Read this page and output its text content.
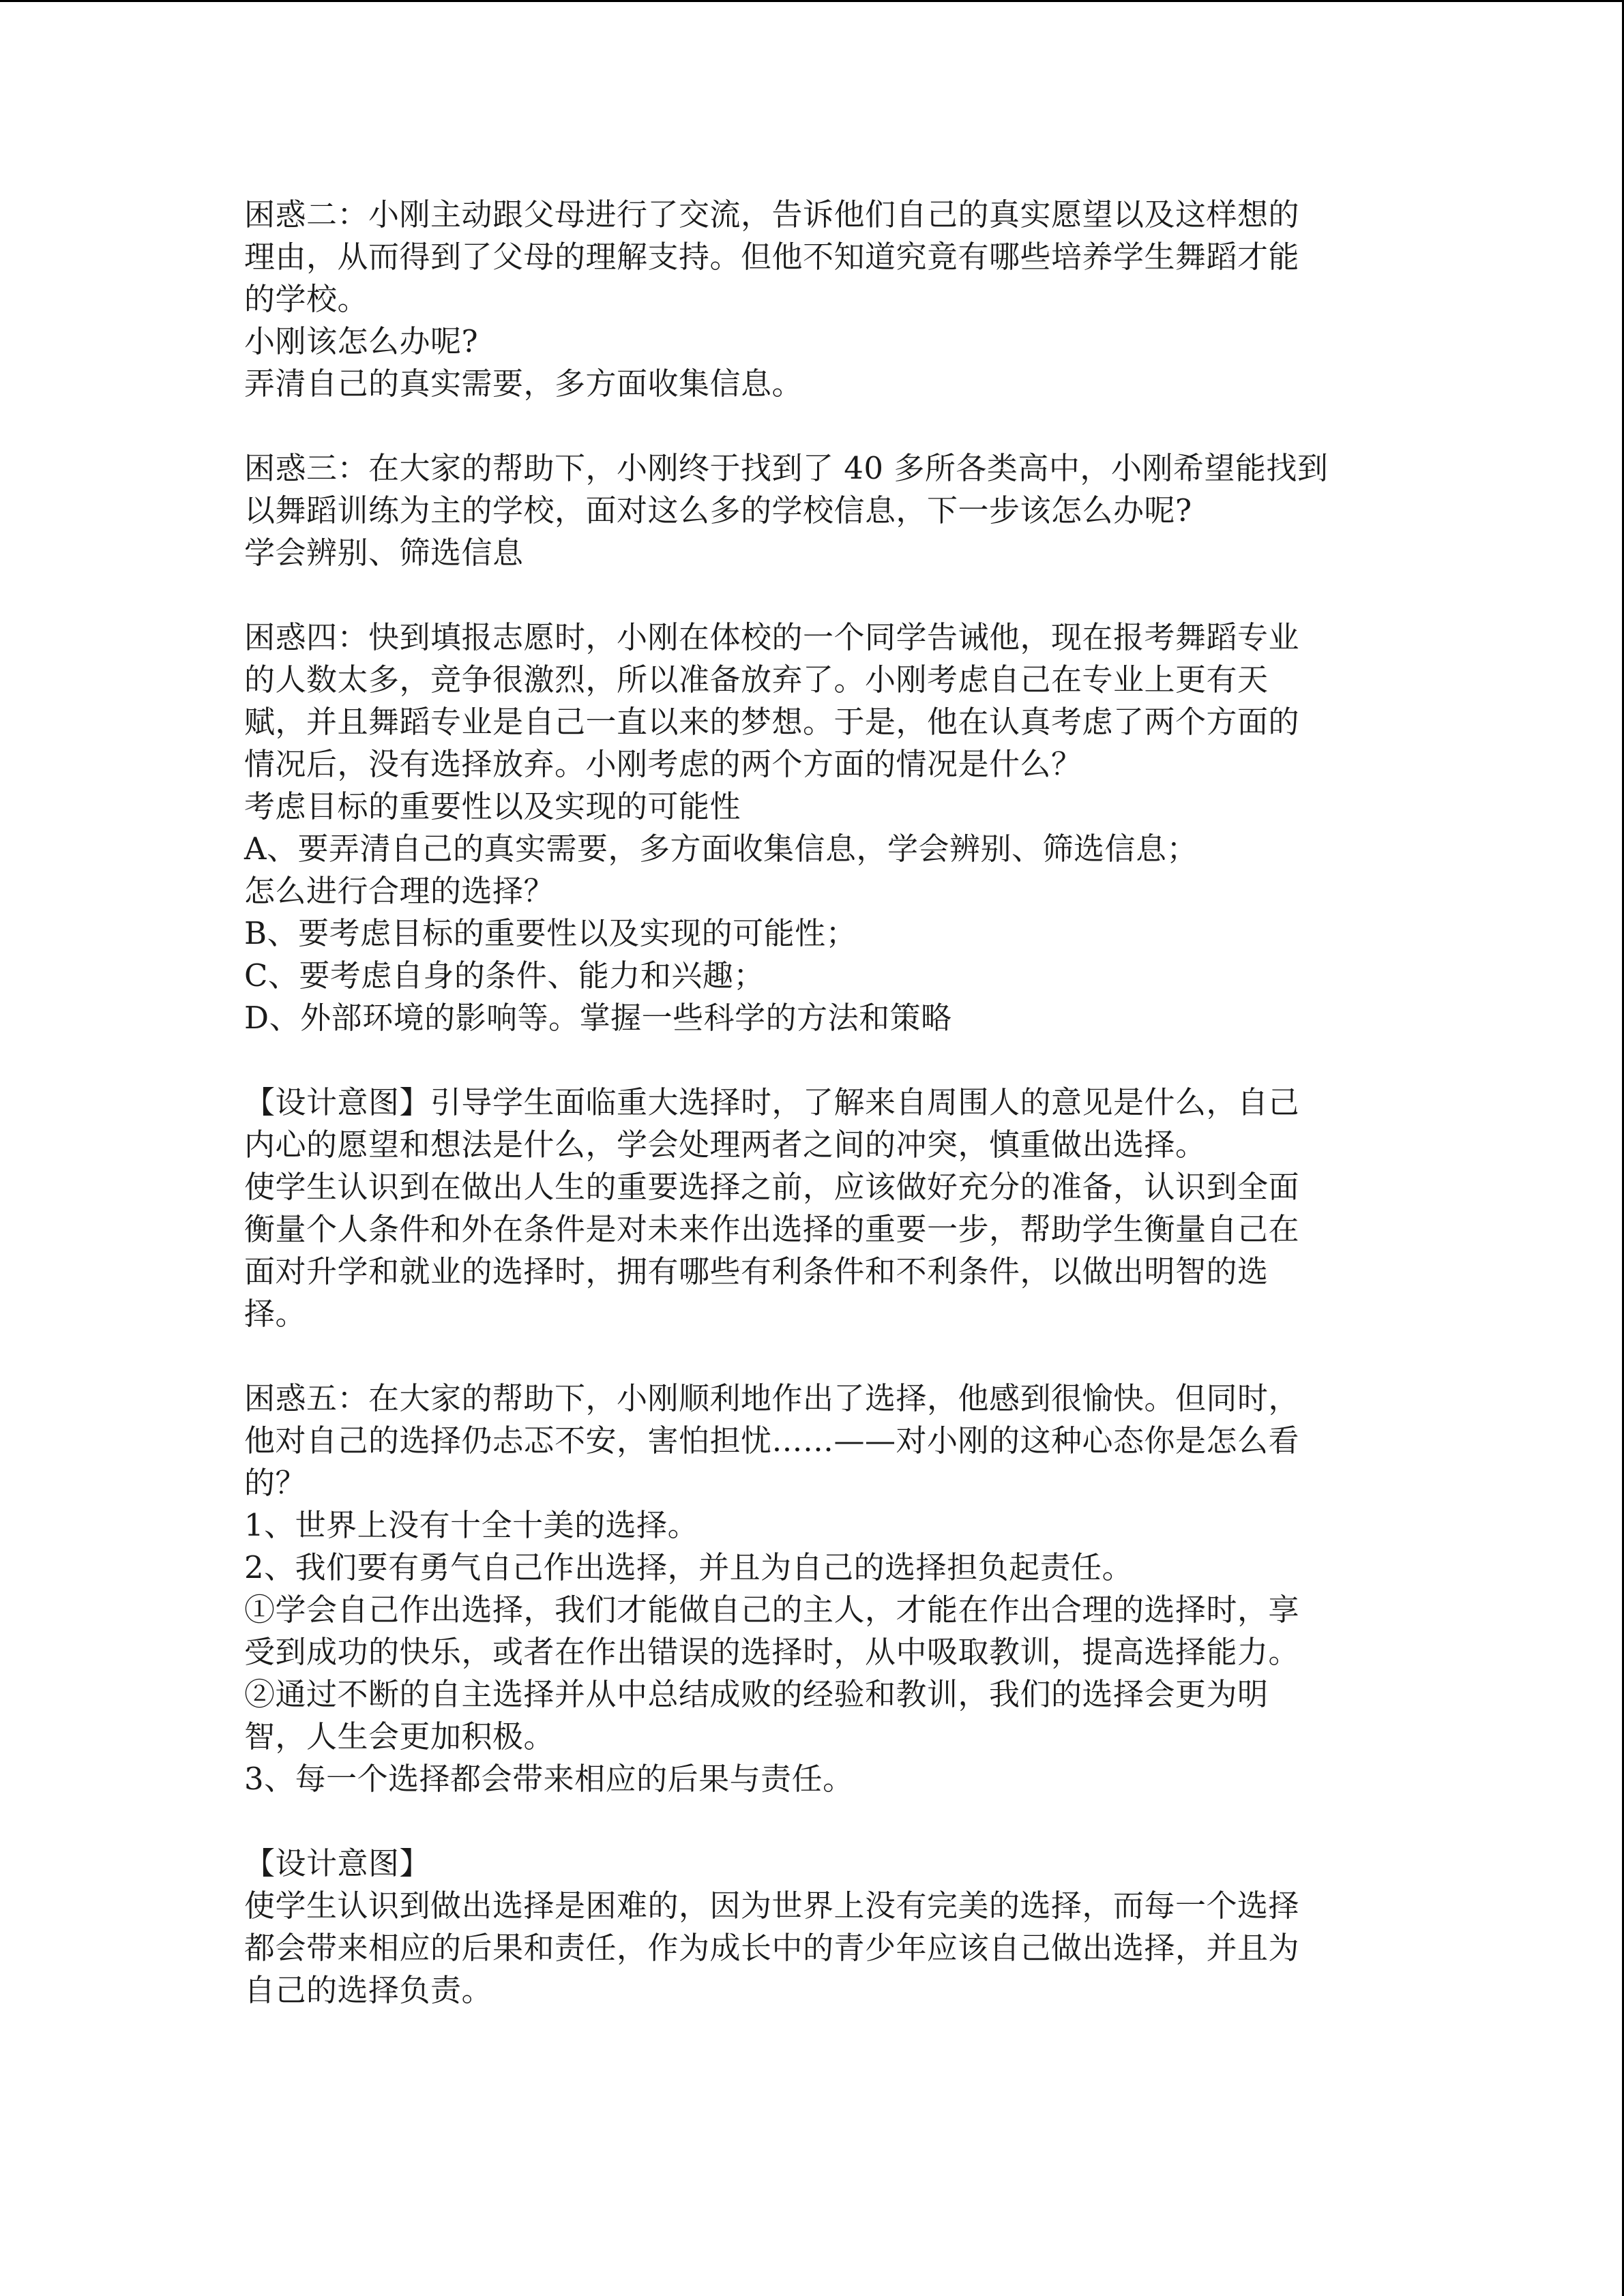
困惑二：小刚主动跟父母进行了交流，告诉他们自己的真实愿望以及这样想的
理由，从而得到了父母的理解支持。但他不知道究竟有哪些培养学生舞蹈才能
的学校。
小刚该怎么办呢?
弄清自己的真实需要，多方面收集信息。
困惑三：在大家的帮助下，小刚终于找到了 40 多所各类高中，小刚希望能找到
以舞蹈训练为主的学校，面对这么多的学校信息，下一步该怎么办呢?
学会辨别、筛选信息
困惑四：快到填报志愿时，小刚在体校的一个同学告诫他，现在报考舞蹈专业
的人数太多，竞争很激烈，所以准备放弃了。小刚考虑自己在专业上更有天
赋，并且舞蹈专业是自己一直以来的梦想。于是，他在认真考虑了两个方面的
情况后，没有选择放弃。小刚考虑的两个方面的情况是什么？
考虑目标的重要性以及实现的可能性
A、要弄清自己的真实需要，多方面收集信息，学会辨别、筛选信息；
怎么进行合理的选择？
B、要考虑目标的重要性以及实现的可能性；
C、要考虑自身的条件、能力和兴趣；
D、外部环境的影响等。掌握一些科学的方法和策略
【设计意图】引导学生面临重大选择时，了解来自周围人的意见是什么，自己
内心的愿望和想法是什么，学会处理两者之间的冲突，慎重做出选择。
使学生认识到在做出人生的重要选择之前，应该做好充分的准备，认识到全面
衡量个人条件和外在条件是对未来作出选择的重要一步，帮助学生衡量自己在
面对升学和就业的选择时，拥有哪些有利条件和不利条件，以做出明智的选
择。
困惑五：在大家的帮助下，小刚顺利地作出了选择，他感到很愉快。但同时，
他对自己的选择仍忐忑不安，害怕担忧……——对小刚的这种心态你是怎么看
的？
1、世界上没有十全十美的选择。
2、我们要有勇气自己作出选择，并且为自己的选择担负起责任。
①学会自己作出选择，我们才能做自己的主人，才能在作出合理的选择时，享
受到成功的快乐，或者在作出错误的选择时，从中吸取教训，提高选择能力。
②通过不断的自主选择并从中总结成败的经验和教训，我们的选择会更为明
智，人生会更加积极。
3、每一个选择都会带来相应的后果与责任。
【设计意图】
使学生认识到做出选择是困难的，因为世界上没有完美的选择，而每一个选择
都会带来相应的后果和责任，作为成长中的青少年应该自己做出选择，并且为
自己的选择负责。
